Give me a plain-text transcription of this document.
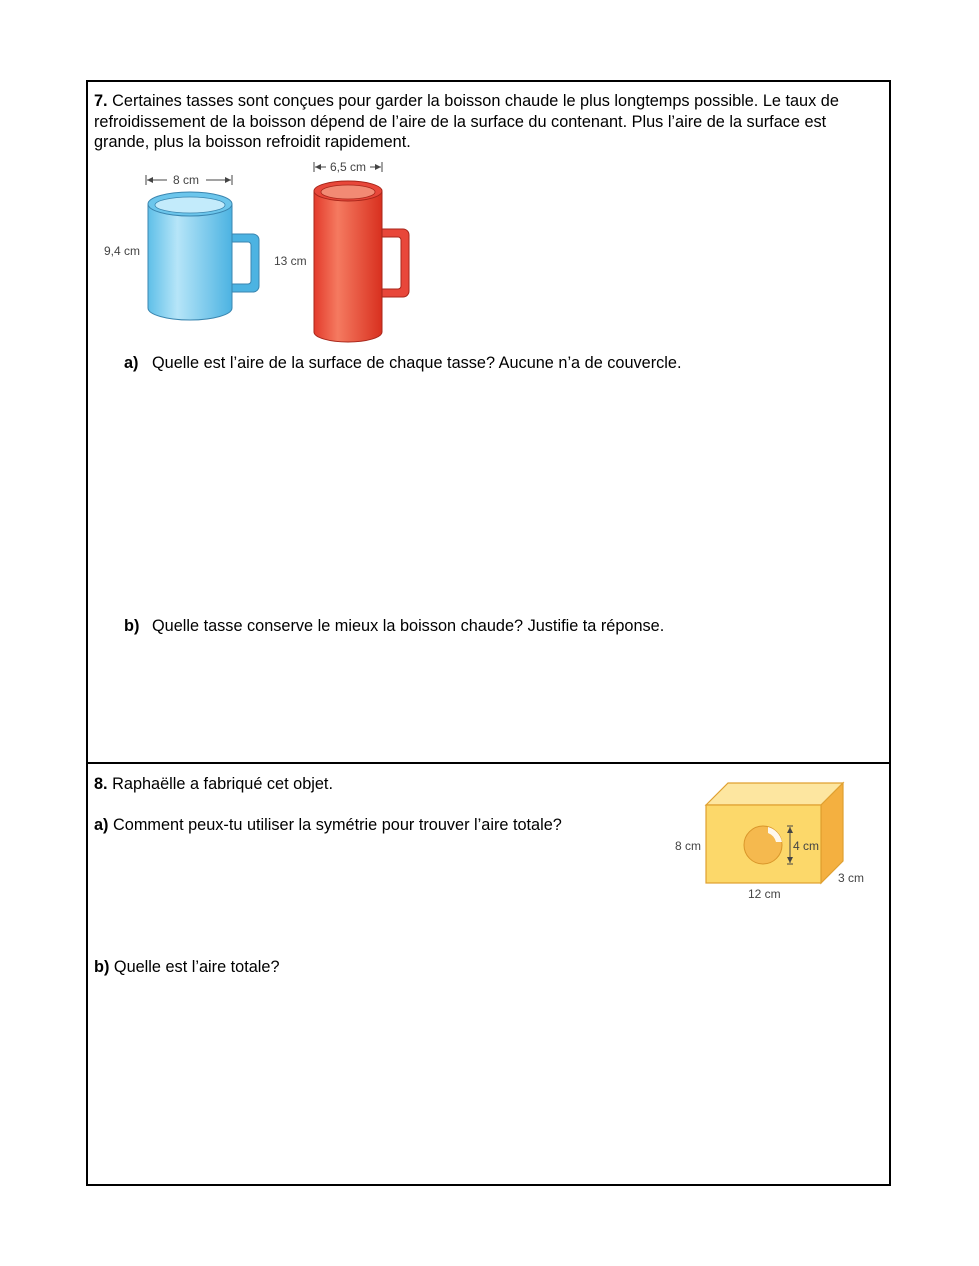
7. Certaines tasses sont conçues pour garder la boisson chaude le plus longtemps possible. Le taux de refroidissement de la boisson dépend de l’aire de la surface du contenant. Plus l’aire de la surface est grande, plus la boisson refroidit rapidement.

8 cm
9,4 cm
6,5 cm
13 cm
a) Quelle est l’aire de la surface de chaque tasse? Aucune n’a de couvercle.
b) Quelle tasse conserve le mieux la boisson chaude? Justifie ta réponse.

8. Raphaëlle a fabriqué cet objet.

a) Comment peux-tu utiliser la symétrie pour trouver l’aire totale?

b) Quelle est l’aire totale?

4 cm
8 cm
3 cm
12 cm
